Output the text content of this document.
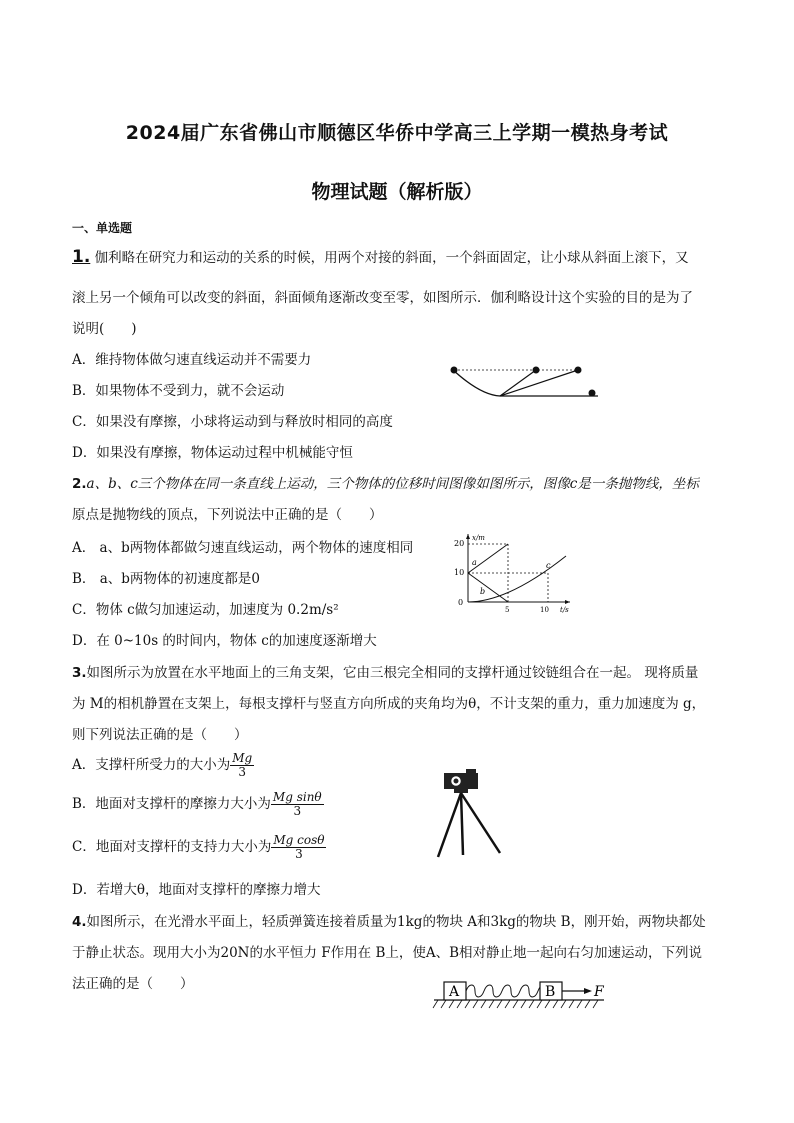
2024届广东省佛山市顺德区华侨中学高三上学期一模热身考试
物理试题（解析版）
一、单选题
1. 伽利略在研究力和运动的关系的时候，用两个对接的斜面，一个斜面固定，让小球从斜面上滚下，又
滚上另一个倾角可以改变的斜面，斜面倾角逐渐改变至零，如图所示．伽利略设计这个实验的目的是为了
说明(　　)
A．维持物体做匀速直线运动并不需要力
B．如果物体不受到力，就不会运动
C．如果没有摩擦，小球将运动到与释放时相同的高度
D．如果没有摩擦，物体运动过程中机械能守恒
2.a、b、c三个物体在同一条直线上运动，三个物体的位移时间图像如图所示，图像c是一条抛物线，坐标
原点是抛物线的顶点，下列说法中正确的是（　　）
A． a、b两物体都做匀速直线运动，两个物体的速度相同
B． a、b两物体的初速度都是0
C．物体 c做匀加速运动，加速度为 0.2m/s²
D．在 0~10s 的时间内，物体 c的加速度逐渐增大
x/m
t/s
20
10
0
5	10
a
b
c
3.如图所示为放置在水平地面上的三角支架，它由三根完全相同的支撑杆通过铰链组合在一起。 现将质量
为 M的相机静置在支架上，每根支撑杆与竖直方向所成的夹角均为θ，不计支架的重力，重力加速度为 g，
则下列说法正确的是（　　）
A．支撑杆所受力的大小为 $\frac{Mg}{3}$
B．地面对支撑杆的摩擦力大小为 $\frac{\text{Mg sinθ}}{3}$
C．地面对支撑杆的支持力大小为 $\frac{\text{Mg cosθ}}{3}$
D．若增大θ，地面对支撑杆的摩擦力增大
4.如图所示，在光滑水平面上，轻质弹簧连接着质量为1kg的物块 A和3kg的物块 B，刚开始，两物块都处
于静止状态。现用大小为20N的水平恒力 F作用在 B上，使A、B相对静止地一起向右匀加速运动，下列说
法正确的是（　　）	A	B	F
